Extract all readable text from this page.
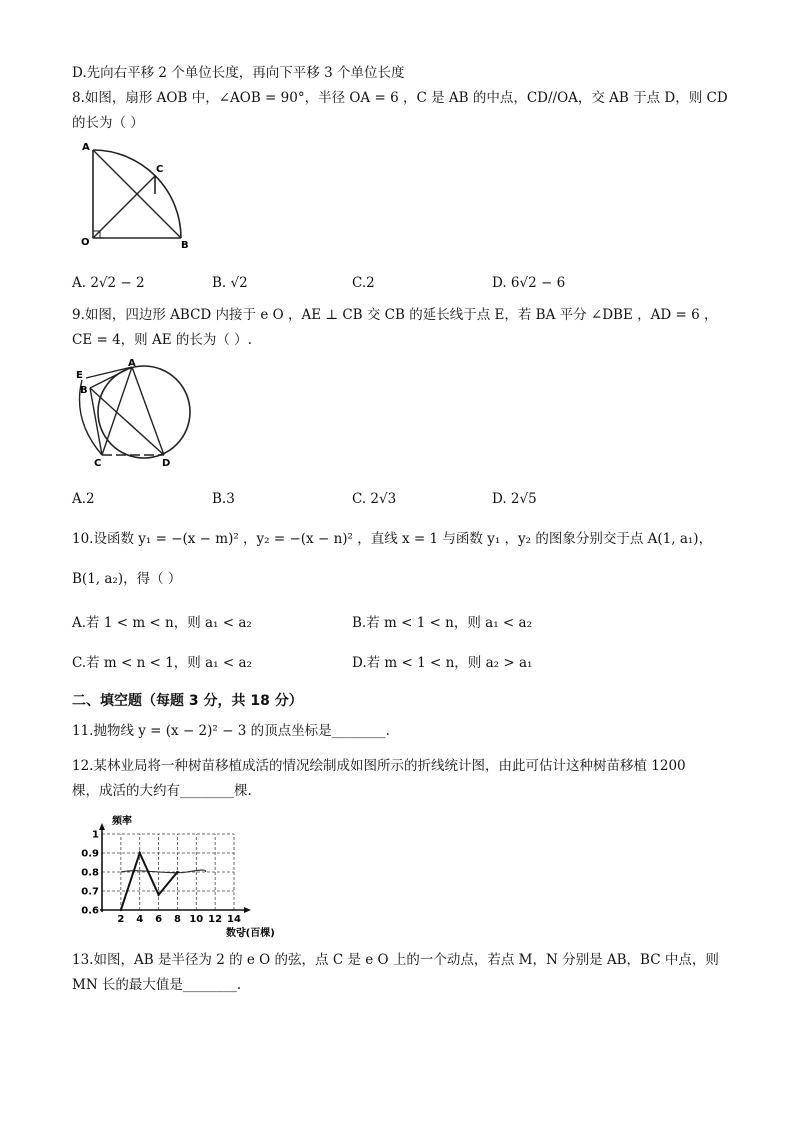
D.先向右平移 2 个单位长度，再向下平移 3 个单位长度
8.如图，扇形 AOB 中，∠AOB = 90°，半径 OA = 6 ，C 是 AB 的中点，CD//OA，交 AB 于点 D，则 CD
的长为（ ）
A
C
O	B
A. 2√2 − 2	B. √2	C.2	D. 6√2 − 6
9.如图，四边形 ABCD 内接于 e O ，AE ⊥ CB 交 CB 的延长线于点 E，若 BA 平分 ∠DBE ，AD = 6 ，
CE = 4，则 AE 的长为（ ）.
E
B
A
C	D
A.2	B.3	C. 2√3	D. 2√5
10.设函数 y₁ = −(x − m)² ，y₂ = −(x − n)² ，直线 x = 1 与函数 y₁ ，y₂ 的图象分别交于点 A(1, a₁)，
B(1, a₂)，得（ ）
A.若 1 < m < n，则 a₁ < a₂	B.若 m < 1 < n，则 a₁ < a₂
C.若 m < n < 1，则 a₁ < a₂	D.若 m < 1 < n，则 a₂ > a₁
二、填空题（每题 3 分，共 18 分）
11.抛物线 y = (x − 2)² − 3 的顶点坐标是________.
12.某林业局将一种树苗移植成活的情况绘制成如图所示的折线统计图，由此可估计这种树苗移植 1200
棵，成活的大约有________棵.
0.6
0.7
0.8
0.9
1
2 4 6 8 10 12 14
频率
数량(百棵)
13.如图，AB 是半径为 2 的 e O 的弦，点 C 是 e O 上的一个动点，若点 M，N 分别是 AB，BC 中点，则
MN 长的最大值是________.
